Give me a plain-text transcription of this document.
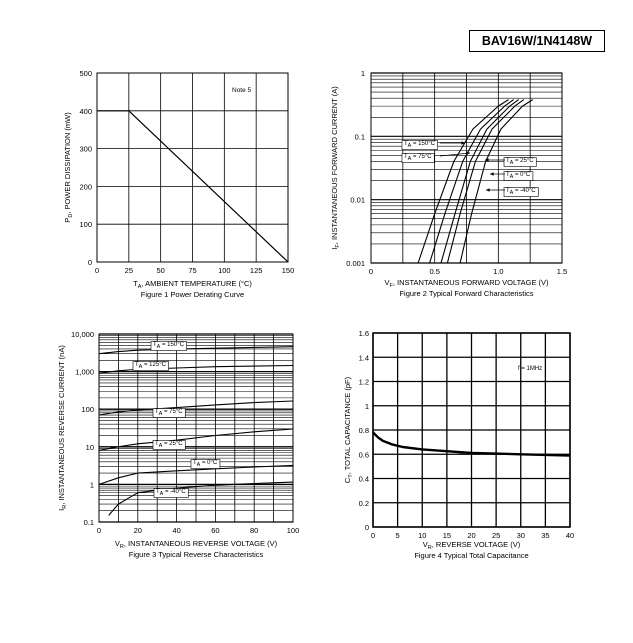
BAV16W/1N4148W
0	25	50	75	100	125	150
0
100
200
300
400
500
Note 5
$T_A$, AMBIENT TEMPERATURE (°C)
Figure 1 Power Derating Curve
$P_D$, POWER DISSIPATION (mW)
0	0.5	1.0	1.5
0.001
0.01
0.1
1
TA = 150°C
TA = 75°C
TA = 25°C
TA = 0°C
TA = -40°C
$V_F$, INSTANTANEOUS FORWARD VOLTAGE (V)
Figure 2 Typical Forward Characteristics
$I_F$, INSTANTANEOUS FORWARD CURRENT (A)
0	20	40	60	80	100
0.1
1
10
100
1,000
10,000
TA = 150°C
TA = 125°C
TA = 75°C
TA = 25°C
TA = 0°C
TA = -40°C
$V_R$, INSTANTANEOUS REVERSE VOLTAGE (V)
Figure 3 Typical Reverse Characteristics
$I_R$, INSTANTANEOUS REVERSE CURRENT (nA)
0	5 10 15 20 25 30 35 40
0
0.2
0.4
0.6
0.8
1
1.2
1.4
1.6
f = 1MHz
$V_R$, REVERSE VOLTAGE (V)
Figure 4 Typical Total Capacitance
$C_T$, TOTAL CAPACITANCE (pF)
